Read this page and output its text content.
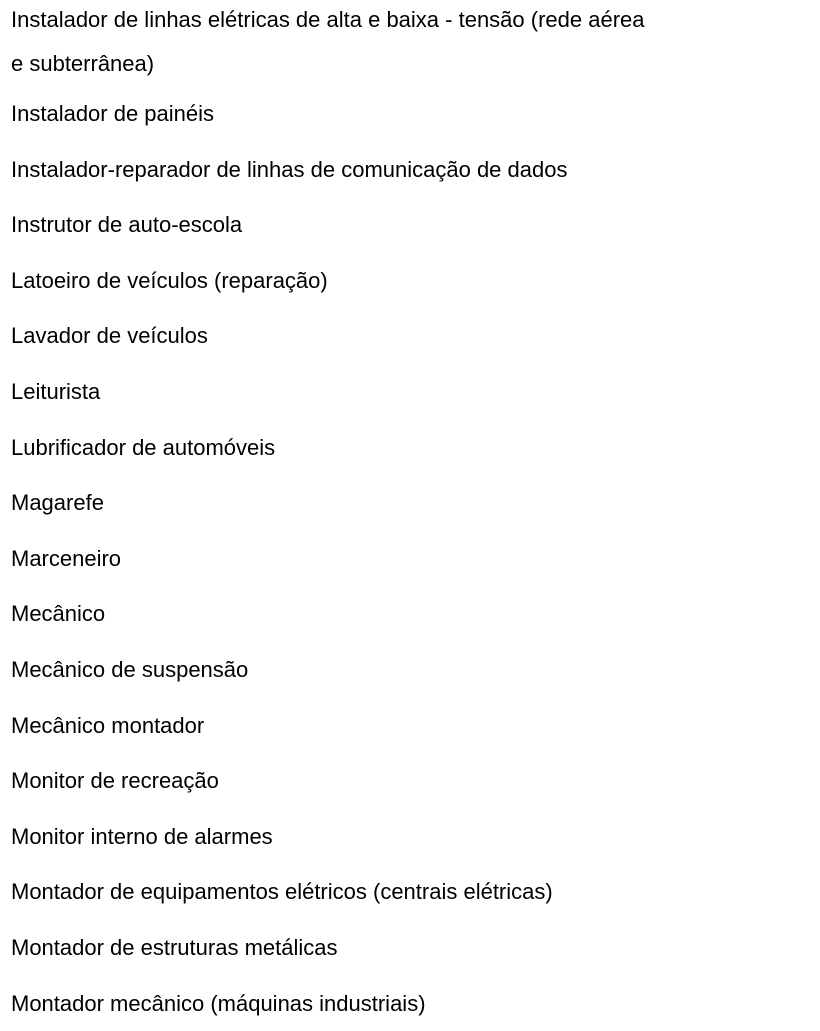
Instalador de linhas elétricas de alta e baixa - tensão (rede aérea
e subterrânea)
Instalador de painéis
Instalador-reparador de linhas de comunicação de dados
Instrutor de auto-escola
Latoeiro de veículos (reparação)
Lavador de veículos
Leiturista
Lubrificador de automóveis
Magarefe
Marceneiro
Mecânico
Mecânico de suspensão
Mecânico montador
Monitor de recreação
Monitor interno de alarmes
Montador de equipamentos elétricos (centrais elétricas)
Montador de estruturas metálicas
Montador mecânico (máquinas industriais)
